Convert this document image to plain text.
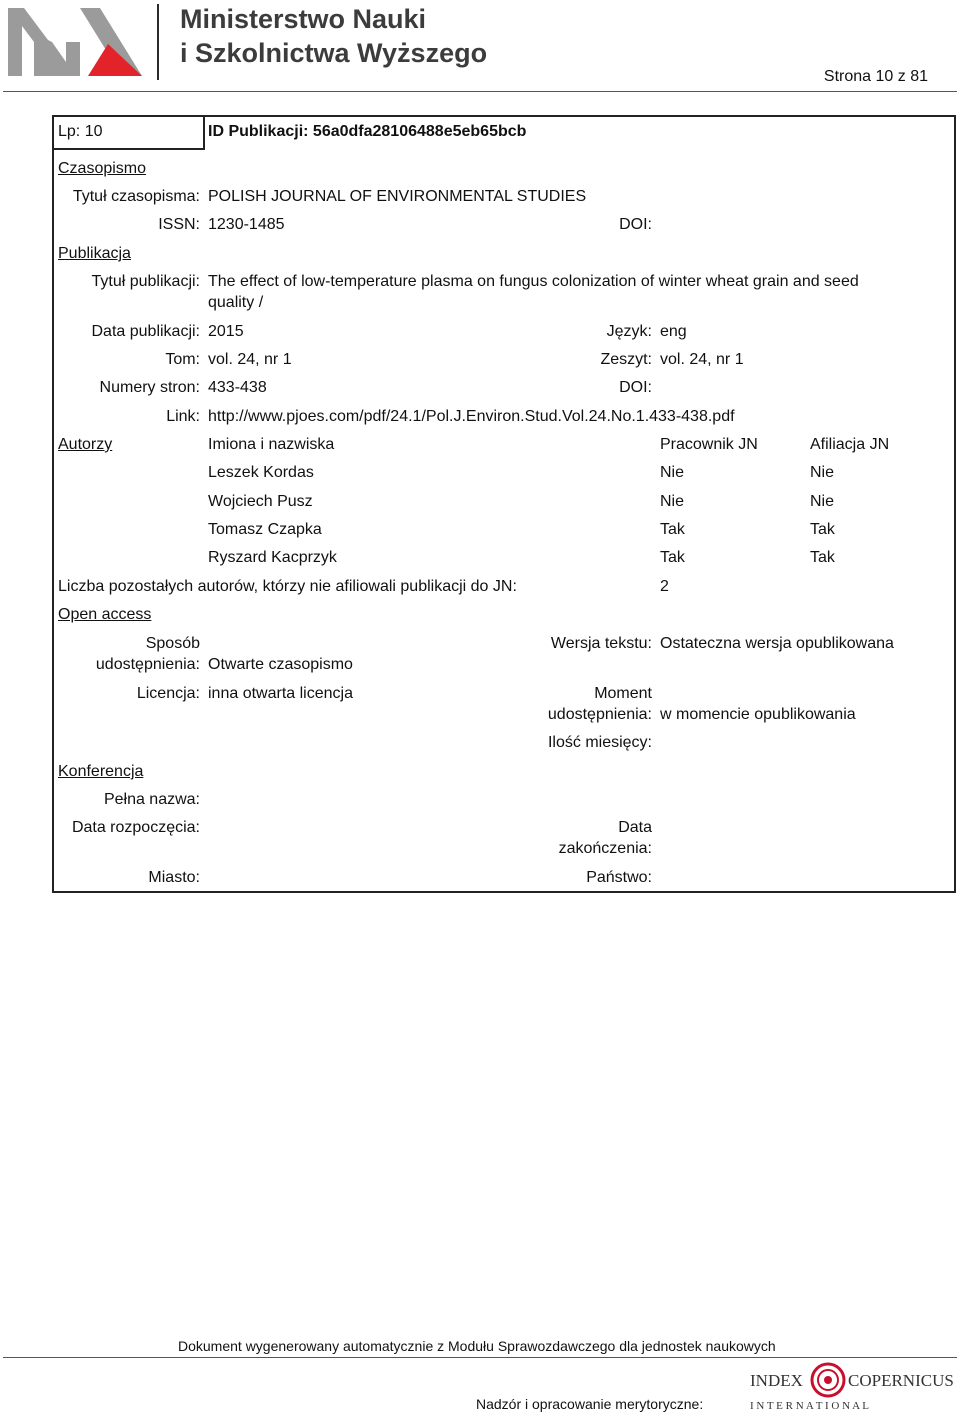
Ministerstwo Nauki
i Szkolnictwa Wyższego
Strona 10 z 81
Lp: 10	ID Publikacji: 56a0dfa28106488e5eb65bcb
Czasopismo
Tytuł czasopisma: POLISH JOURNAL OF ENVIRONMENTAL STUDIES
ISSN: 1230-1485	DOI:
Publikacja
Tytuł publikacji: The effect of low-temperature plasma on fungus colonization of winter wheat grain and seed
quality /
Data publikacji: 2015	Język: eng
Tom: vol. 24, nr 1	Zeszyt: vol. 24, nr 1
Numery stron: 433-438	DOI:
Link: http://www.pjoes.com/pdf/24.1/Pol.J.Environ.Stud.Vol.24.No.1.433-438.pdf
Autorzy	Imiona i nazwiska	Pracownik JN	Afiliacja JN
Leszek Kordas	Nie	Nie
Wojciech Pusz	Nie	Nie
Tomasz Czapka	Tak	Tak
Ryszard Kacprzyk	Tak	Tak
Liczba pozostałych autorów, którzy nie afiliowali publikacji do JN:	2
Open access
Sposób
udostępnienia: Otwarte czasopismo
Wersja tekstu: Ostateczna wersja opublikowana
Licencja: inna otwarta licencja	Moment
udostępnienia: w momencie opublikowania
Ilość miesięcy:
Konferencja
Pełna nazwa:
Data rozpoczęcia:	Data
zakończenia:
Miasto:	Państwo:
Dokument wygenerowany automatycznie z Modułu Sprawozdawczego dla jednostek naukowych
Nadzór i opracowanie merytoryczne:
INDEX	COPERNICUS
I N T E R N A T I O N A L
